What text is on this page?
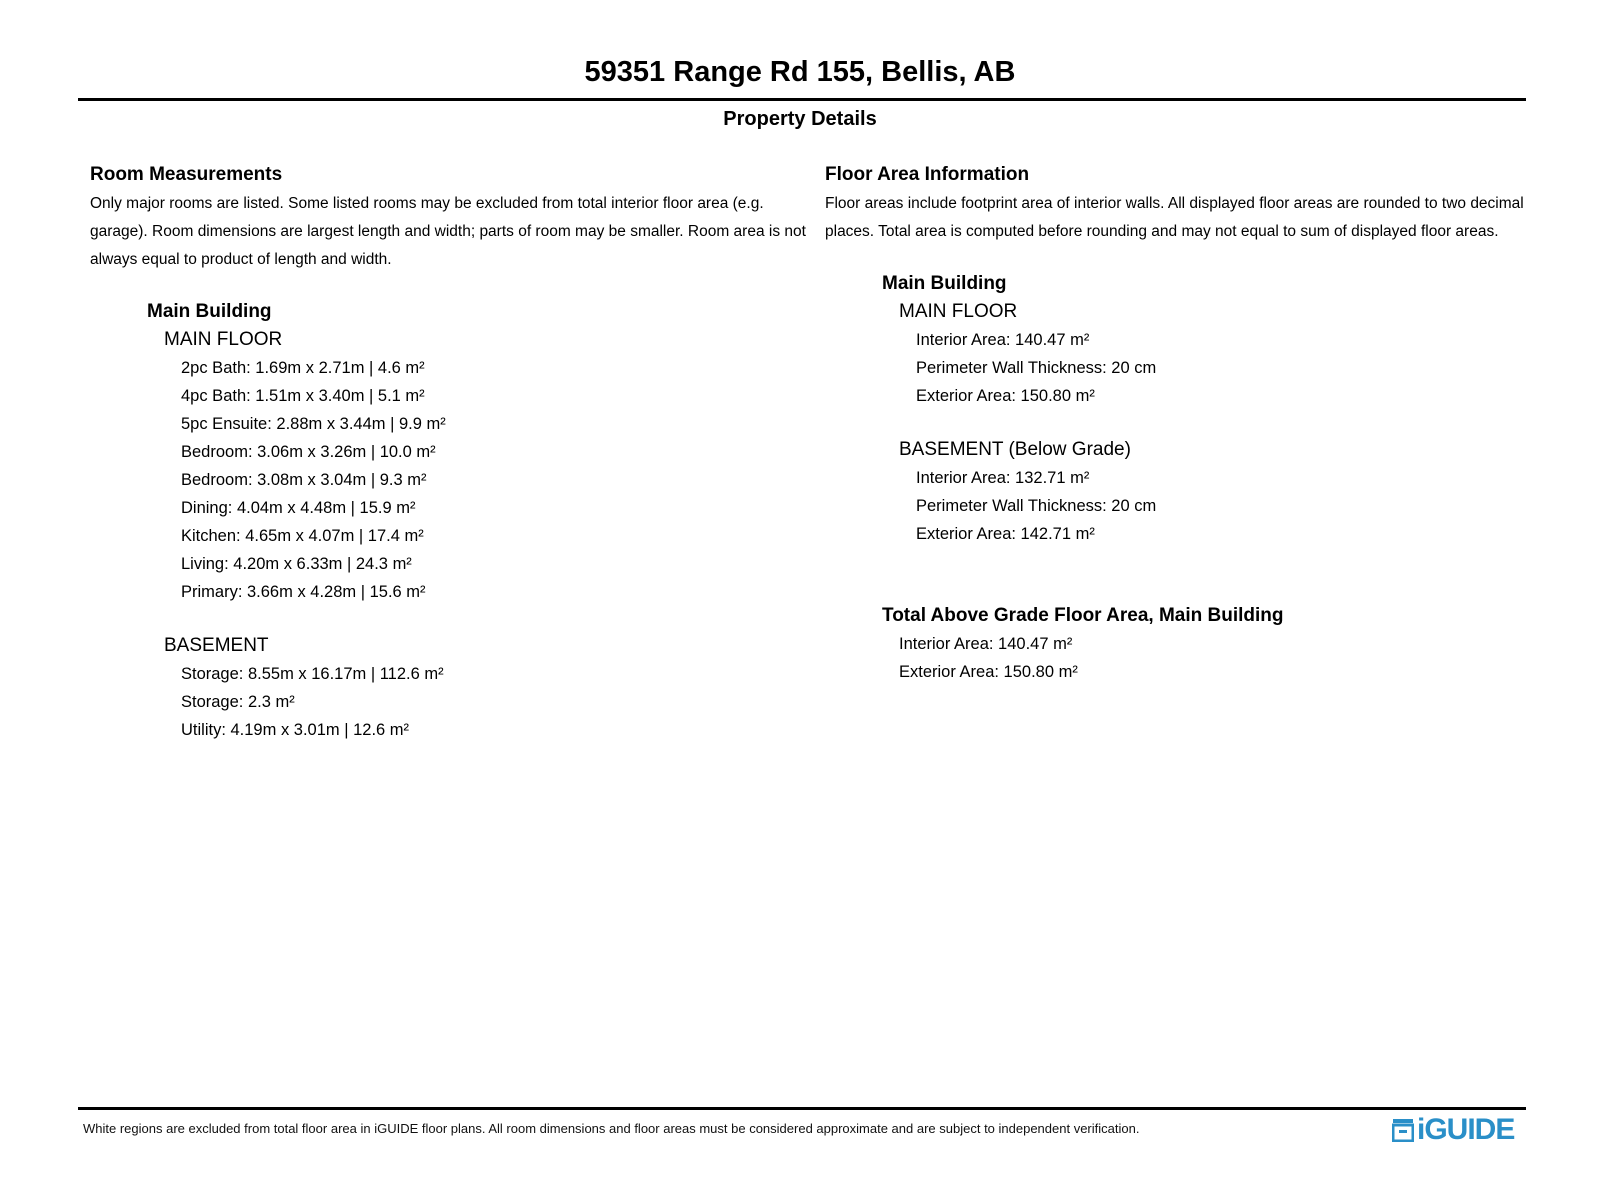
59351 Range Rd 155, Bellis, AB
Property Details
Room Measurements

Only major rooms are listed. Some listed rooms may be excluded from total interior floor area (e.g. garage). Room dimensions are largest length and width; parts of room may be smaller. Room area is not always equal to product of length and width.

Main Building
MAIN FLOOR
2pc Bath: 1.69m x 2.71m | 4.6 m²
4pc Bath: 1.51m x 3.40m | 5.1 m²
5pc Ensuite: 2.88m x 3.44m | 9.9 m²
Bedroom: 3.06m x 3.26m | 10.0 m²
Bedroom: 3.08m x 3.04m | 9.3 m²
Dining: 4.04m x 4.48m | 15.9 m²
Kitchen: 4.65m x 4.07m | 17.4 m²
Living: 4.20m x 6.33m | 24.3 m²
Primary: 3.66m x 4.28m | 15.6 m²
BASEMENT
Storage: 8.55m x 16.17m | 112.6 m²
Storage: 2.3 m²
Utility: 4.19m x 3.01m | 12.6 m²
Floor Area Information

Floor areas include footprint area of interior walls. All displayed floor areas are rounded to two decimal places. Total area is computed before rounding and may not equal to sum of displayed floor areas.

Main Building
MAIN FLOOR
Interior Area: 140.47 m²
Perimeter Wall Thickness: 20 cm
Exterior Area: 150.80 m²
BASEMENT (Below Grade)
Interior Area: 132.71 m²
Perimeter Wall Thickness: 20 cm
Exterior Area: 142.71 m²
Total Above Grade Floor Area, Main Building
Interior Area: 140.47 m²
Exterior Area: 150.80 m²
White regions are excluded from total floor area in iGUIDE floor plans. All room dimensions and floor areas must be considered approximate and are subject to independent verification.	iGUIDE
